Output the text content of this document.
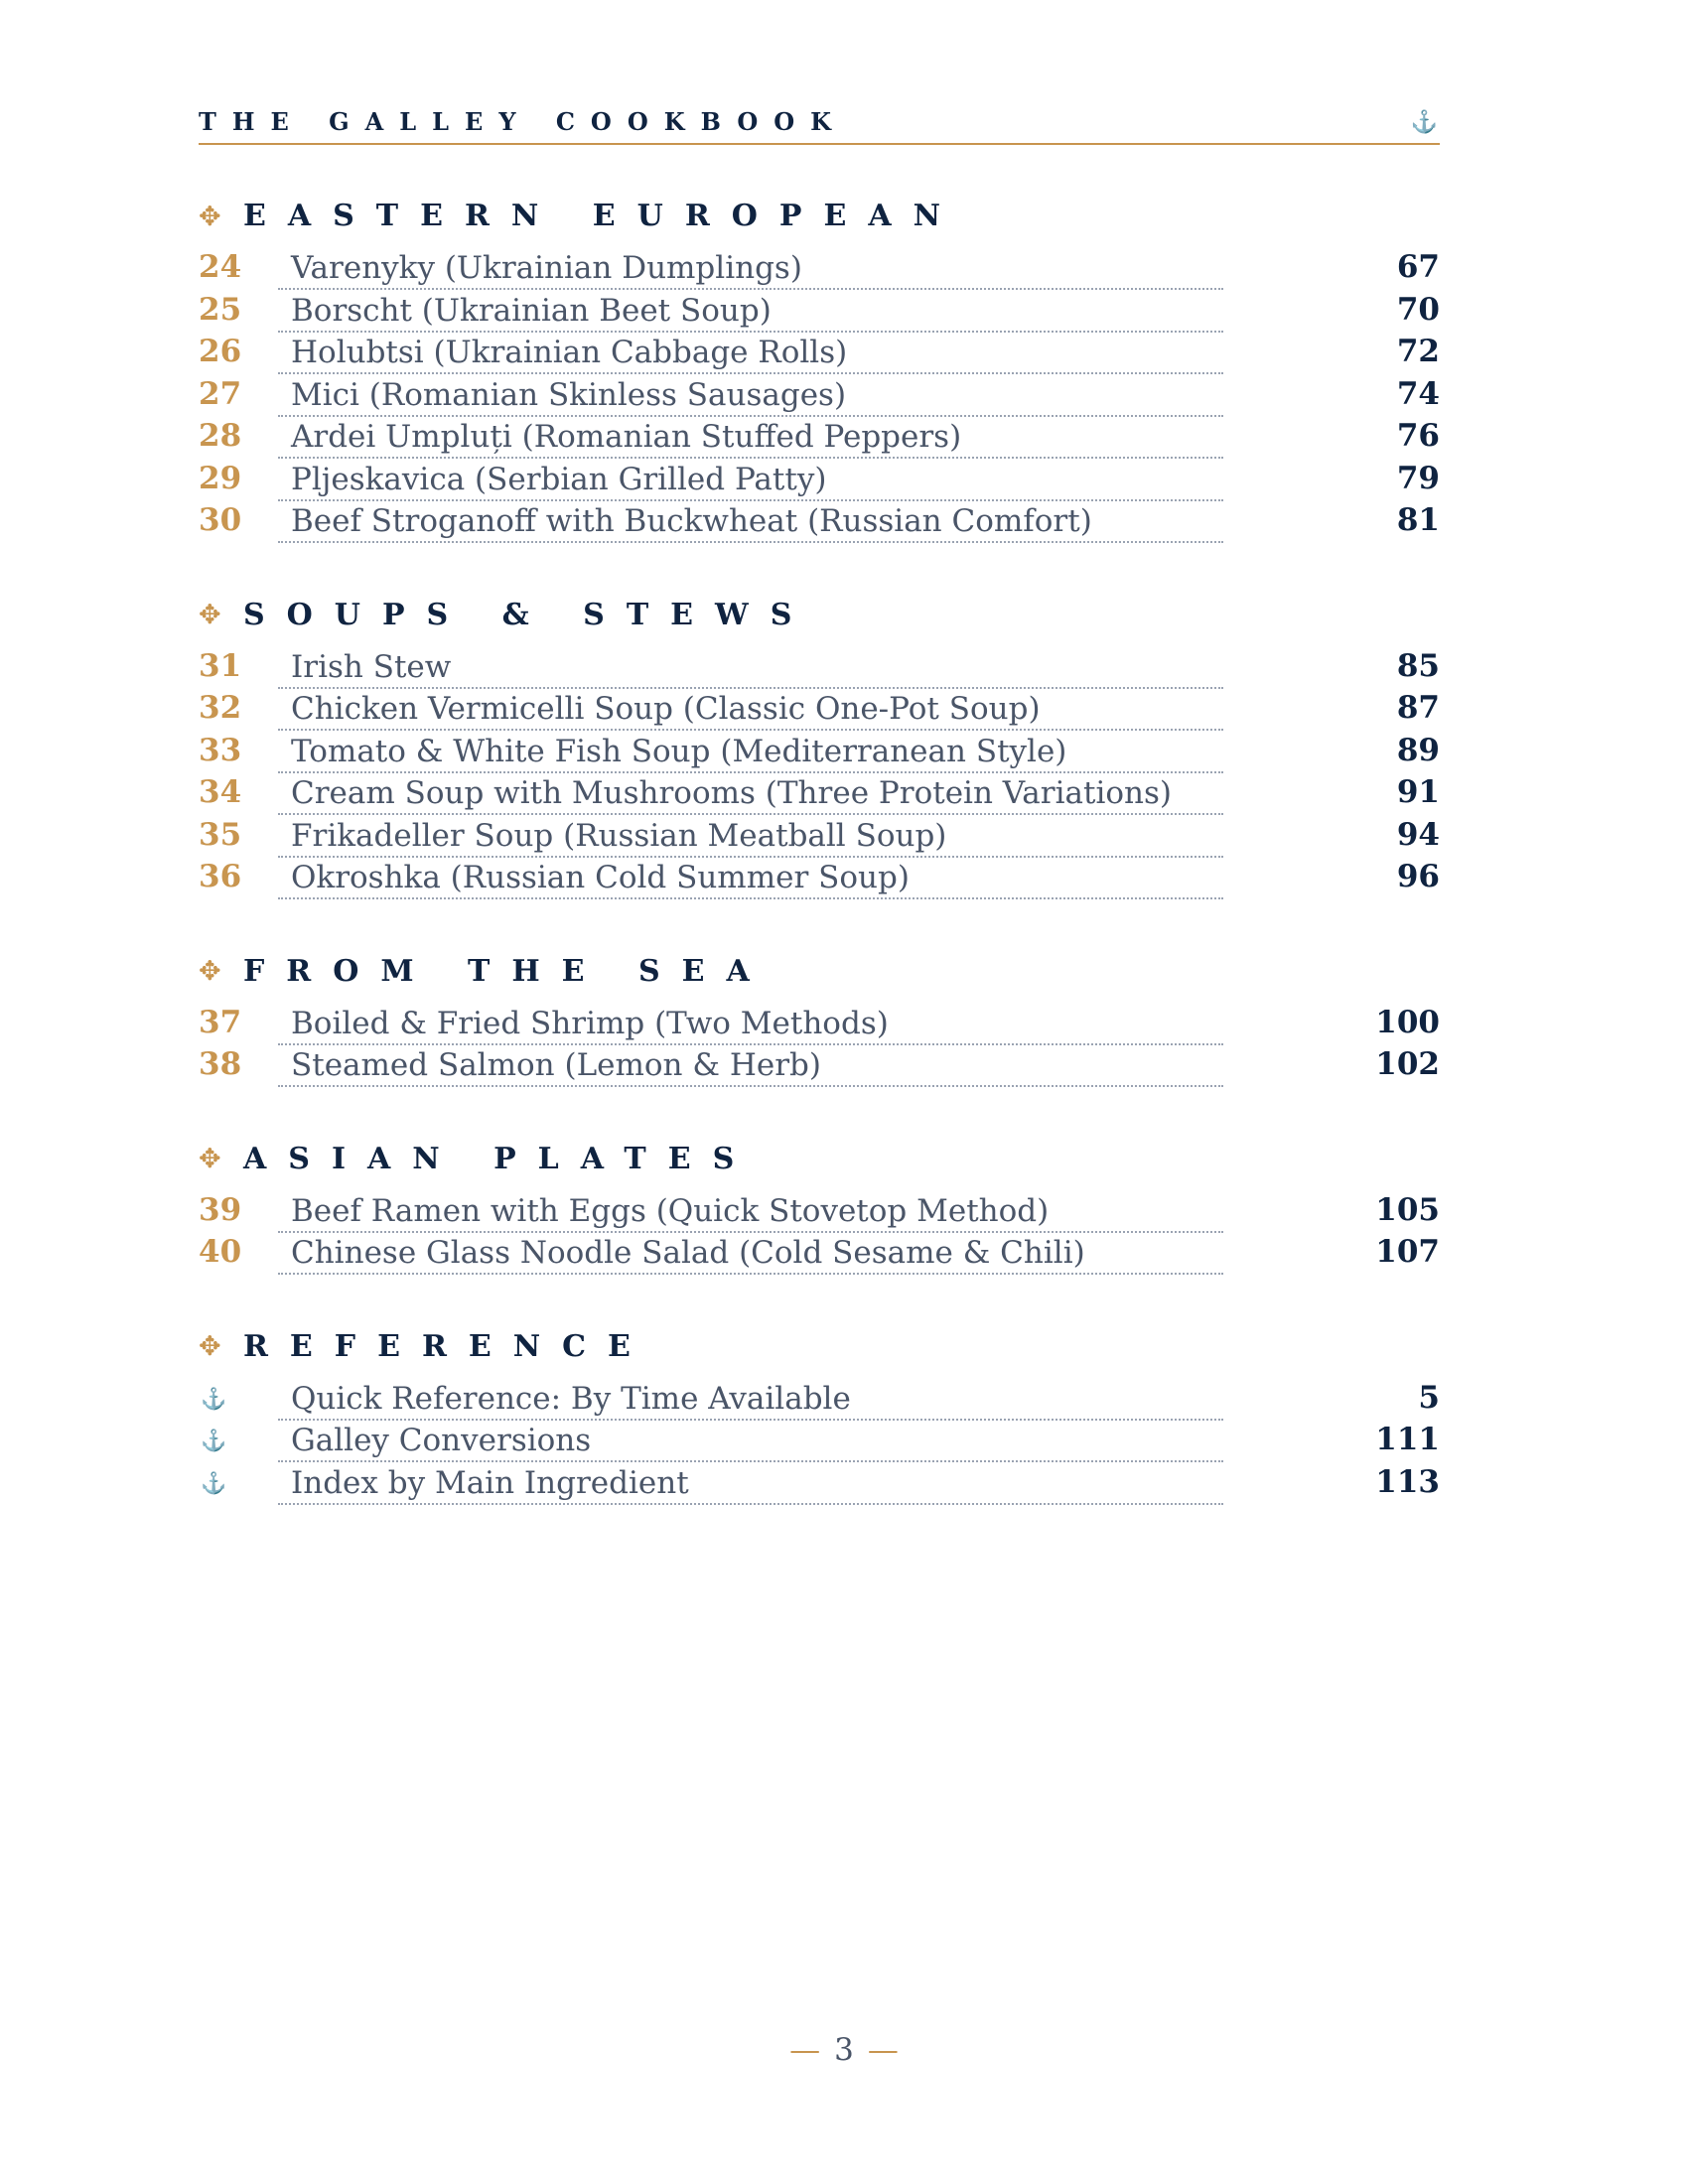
THE GALLEY COOKBOOK	⚓
✥ EASTERN EUROPEAN
24	Varenyky (Ukrainian Dumplings)	67
25	Borscht (Ukrainian Beet Soup)	70
26	Holubtsi (Ukrainian Cabbage Rolls)	72
27	Mici (Romanian Skinless Sausages)	74
28	Ardei Umpluți (Romanian Stuffed Peppers)	76
29	Pljeskavica (Serbian Grilled Patty)	79
30	Beef Stroganoff with Buckwheat (Russian Comfort)	81
✥ SOUPS & STEWS
31	Irish Stew	85
32	Chicken Vermicelli Soup (Classic One-Pot Soup)	87
33	Tomato & White Fish Soup (Mediterranean Style)	89
34	Cream Soup with Mushrooms (Three Protein Variations)	91
35	Frikadeller Soup (Russian Meatball Soup)	94
36	Okroshka (Russian Cold Summer Soup)	96
✥ FROM THE SEA
37	Boiled & Fried Shrimp (Two Methods)	100
38	Steamed Salmon (Lemon & Herb)	102
✥ ASIAN PLATES
39	Beef Ramen with Eggs (Quick Stovetop Method)	105
40	Chinese Glass Noodle Salad (Cold Sesame & Chili)	107
✥ REFERENCE
⚓ Quick Reference: By Time Available	5
⚓ Galley Conversions	111
⚓ Index by Main Ingredient	113
— 3 —
